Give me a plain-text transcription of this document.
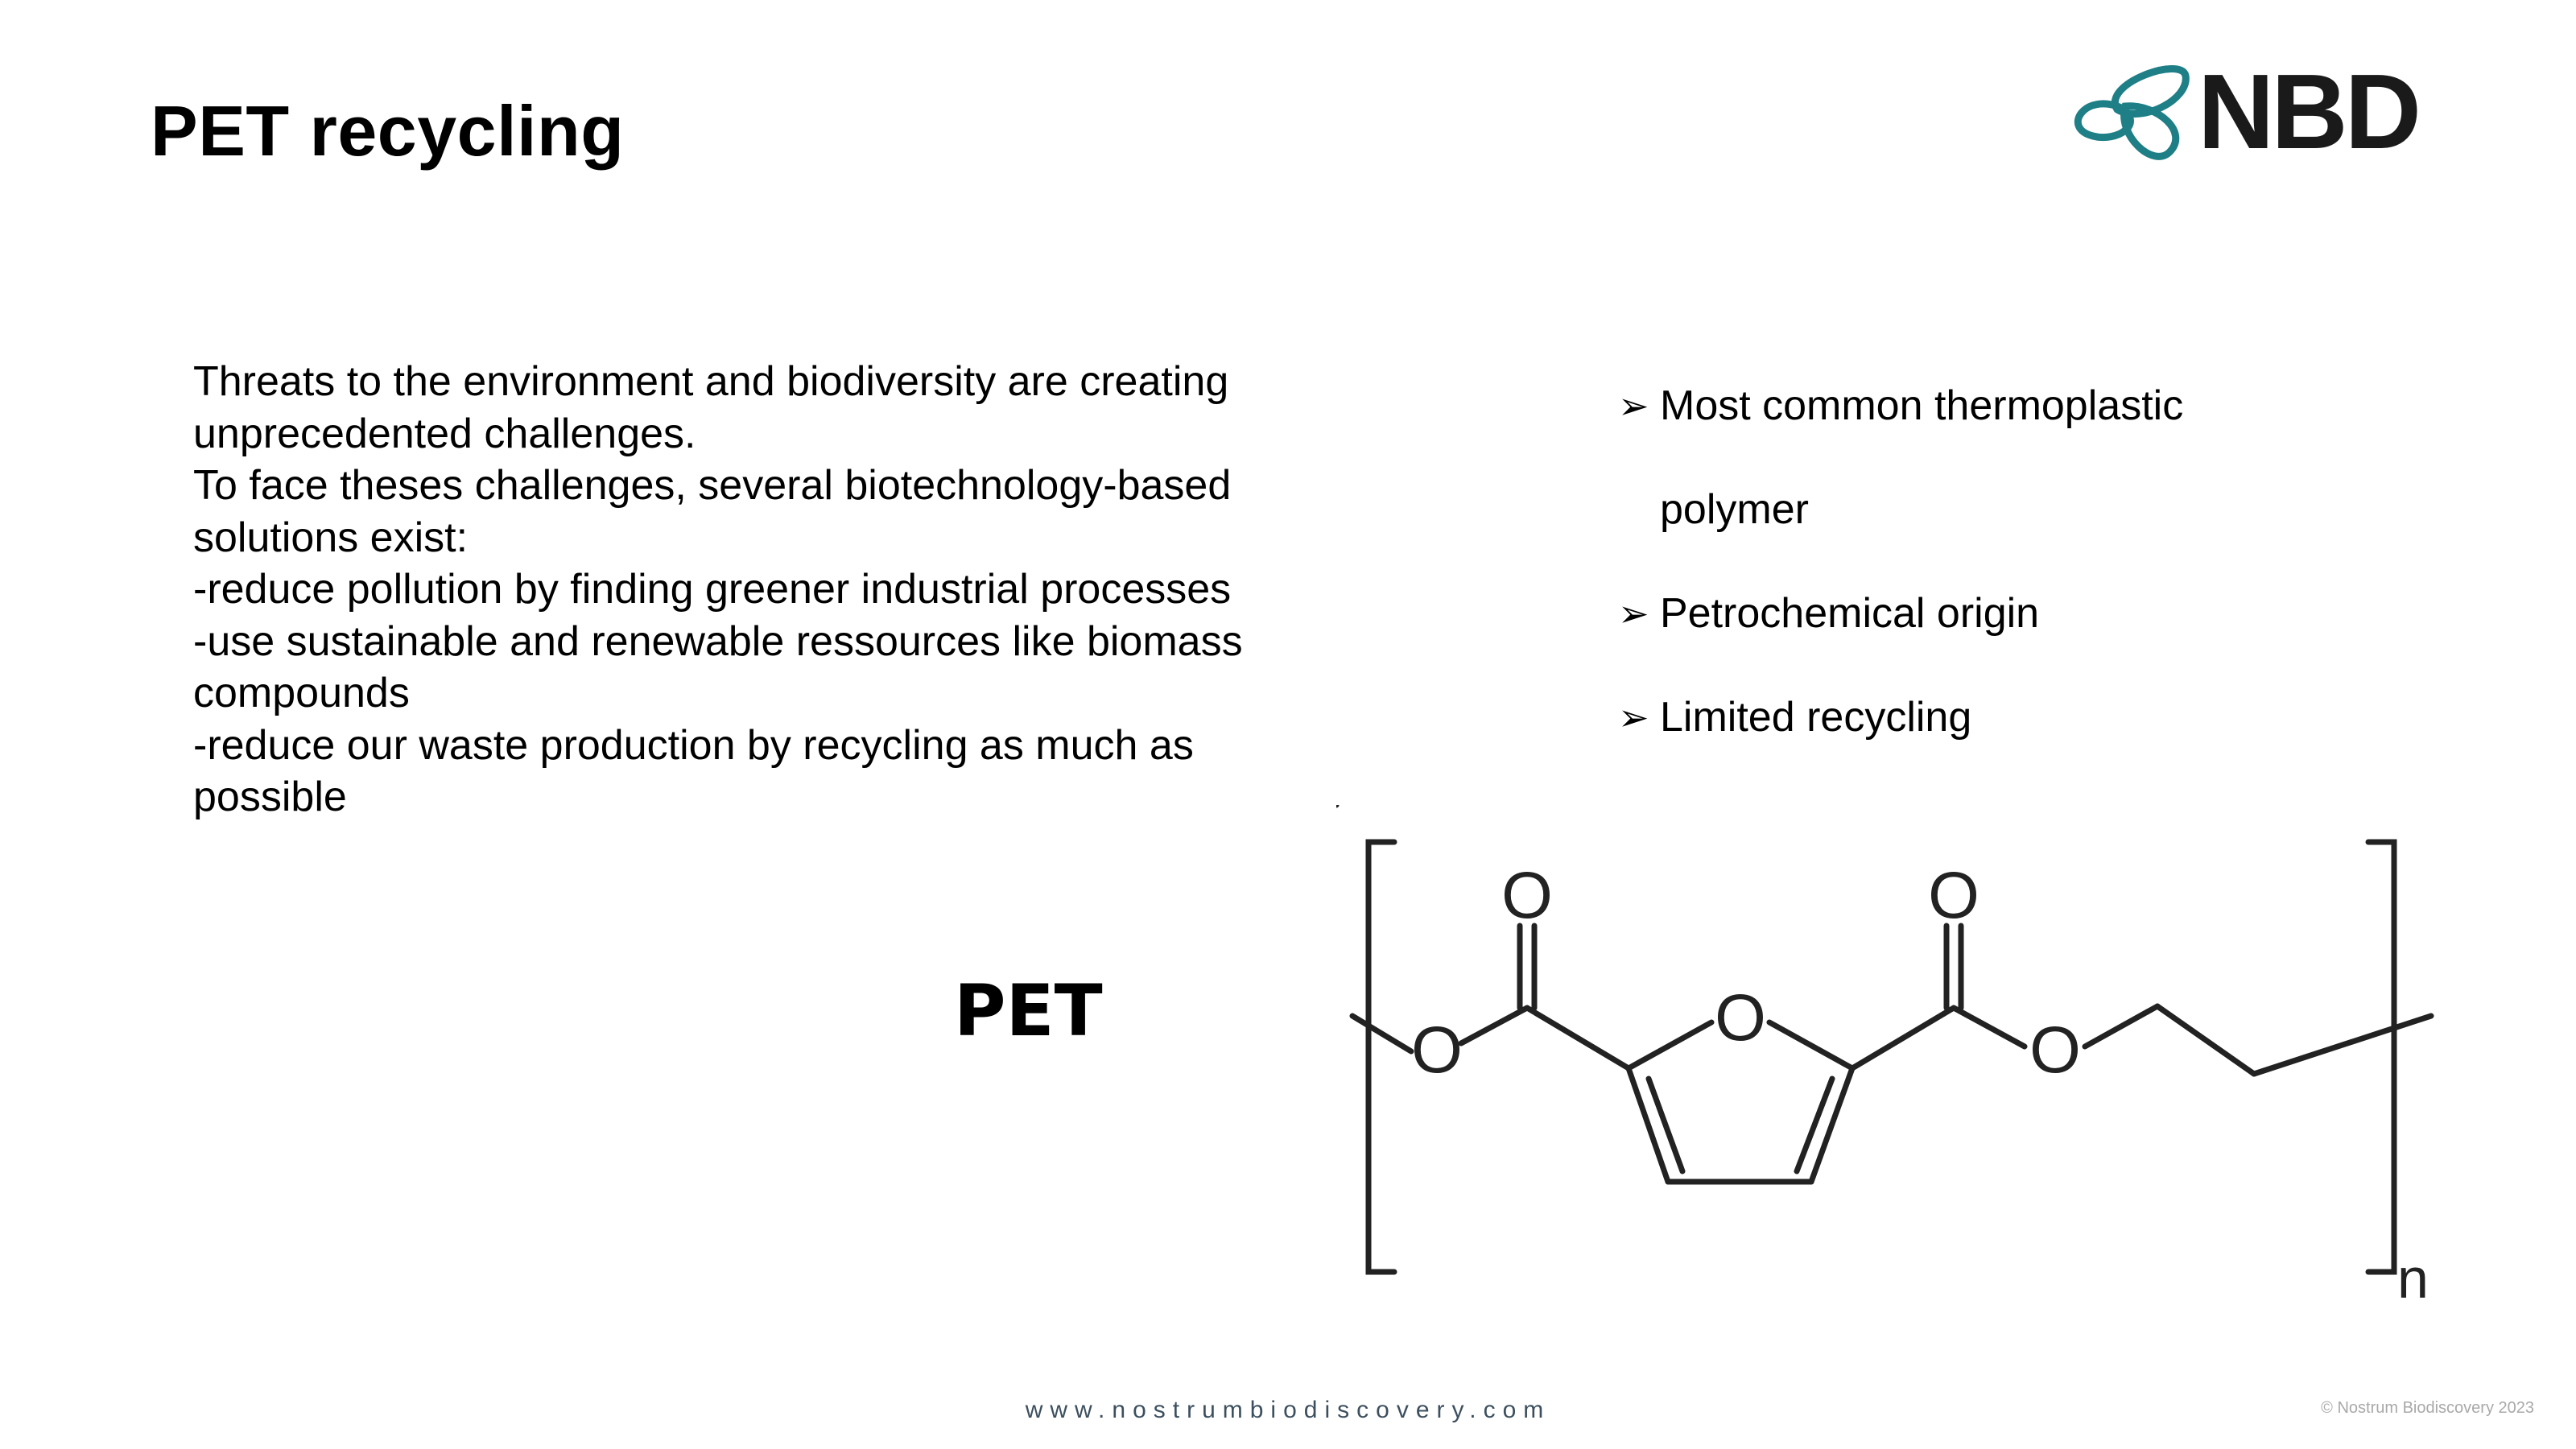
PET recycling	NBD
Threats to the environment and biodiversity are creating
unprecedented challenges.
To face theses challenges, several biotechnology-based
solutions exist:
-reduce pollution by finding greener industrial processes
-use sustainable and renewable ressources like biomass
compounds
-reduce our waste production by recycling as much as
possible
➢ Most common thermoplastic
polymer
➢ Petrochemical origin
➢ Limited recycling
PET	O
O
O
O
O
n
www.nostrumbiodiscovery.com	© Nostrum Biodiscovery 2023
